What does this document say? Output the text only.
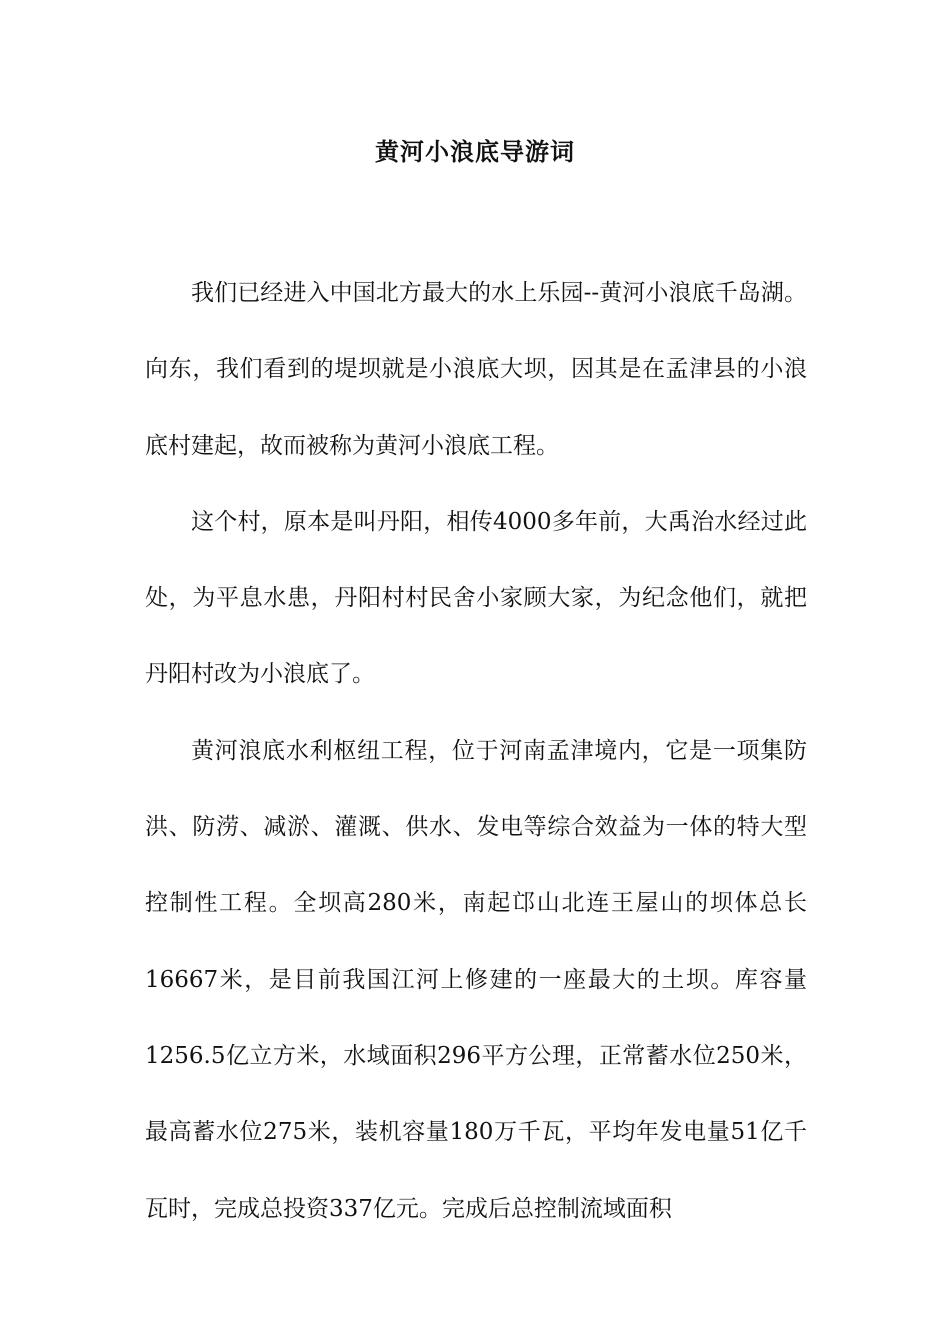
黄河小浪底导游词

我们已经进入中国北方最大的水上乐园--黄河小浪底千岛湖。向东，我们看到的堤坝就是小浪底大坝，因其是在孟津县的小浪底村建起，故而被称为黄河小浪底工程。

这个村，原本是叫丹阳，相传4000多年前，大禹治水经过此处，为平息水患，丹阳村村民舍小家顾大家，为纪念他们，就把丹阳村改为小浪底了。

黄河浪底水利枢纽工程，位于河南孟津境内，它是一项集防洪、防涝、减淤、灌溉、供水、发电等综合效益为一体的特大型控制性工程。全坝高280米，南起邙山北连王屋山的坝体总长16667米，是目前我国江河上修建的一座最大的土坝。库容量1256.5亿立方米，水域面积296平方公理，正常蓄水位250米，最高蓄水位275米，装机容量180万千瓦，平均年发电量51亿千瓦时，完成总投资337亿元。完成后总控制流域面积
